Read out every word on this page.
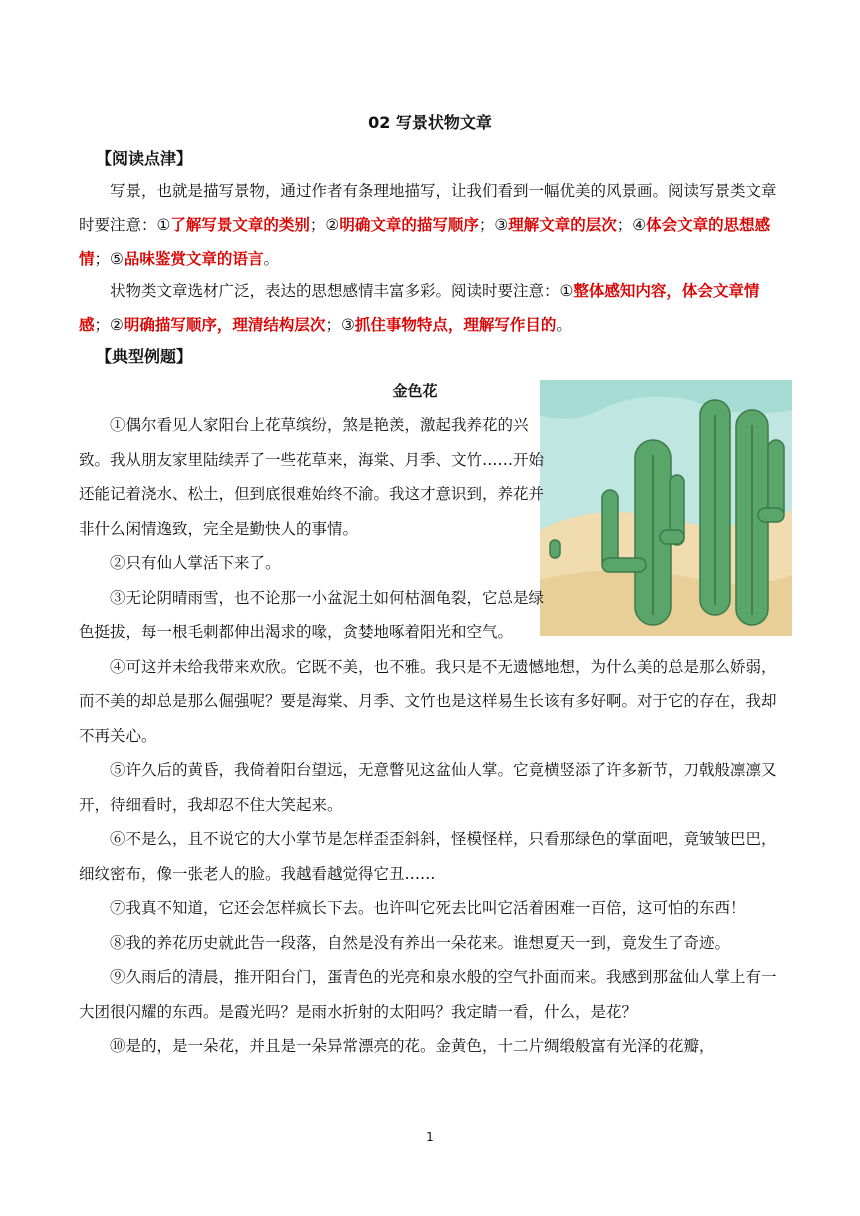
02 写景状物文章
【阅读点津】

写景，也就是描写景物，通过作者有条理地描写，让我们看到一幅优美的风景画。阅读写景类文章时要注意：①了解写景文章的类别；②明确文章的描写顺序；③理解文章的层次；④体会文章的思想感情；⑤品味鉴赏文章的语言。

状物类文章选材广泛，表达的思想感情丰富多彩。阅读时要注意：①整体感知内容，体会文章情感；②明确描写顺序，理清结构层次；③抓住事物特点，理解写作目的。

【典型例题】
金色花

①偶尔看见人家阳台上花草缤纷，煞是艳羡，激起我养花的兴致。我从朋友家里陆续弄了一些花草来，海棠、月季、文竹……开始还能记着浇水、松土，但到底很难始终不渝。我这才意识到，养花并非什么闲情逸致，完全是勤快人的事情。

②只有仙人掌活下来了。

③无论阴晴雨雪，也不论那一小盆泥土如何枯涸龟裂，它总是绿色挺拔，每一根毛刺都伸出渴求的喙，贪婪地啄着阳光和空气。

④可这并未给我带来欢欣。它既不美，也不雅。我只是不无遗憾地想，为什么美的总是那么娇弱，而不美的却总是那么倔强呢？要是海棠、月季、文竹也是这样易生长该有多好啊。对于它的存在，我却不再关心。

⑤许久后的黄昏，我倚着阳台望远，无意瞥见这盆仙人掌。它竟横竖添了许多新节，刀戟般凛凛又开，待细看时，我却忍不住大笑起来。

⑥不是么，且不说它的大小掌节是怎样歪歪斜斜，怪模怪样，只看那绿色的掌面吧，竟皱皱巴巴，细纹密布，像一张老人的脸。我越看越觉得它丑……

⑦我真不知道，它还会怎样疯长下去。也许叫它死去比叫它活着困难一百倍，这可怕的东西！

⑧我的养花历史就此告一段落，自然是没有养出一朵花来。谁想夏天一到，竟发生了奇迹。

⑨久雨后的清晨，推开阳台门，蛋青色的光亮和泉水般的空气扑面而来。我感到那盆仙人掌上有一大团很闪耀的东西。是霞光吗？是雨水折射的太阳吗？我定睛一看，什么，是花？

⑩是的，是一朵花，并且是一朵异常漂亮的花。金黄色，十二片绸缎般富有光泽的花瓣，

1
